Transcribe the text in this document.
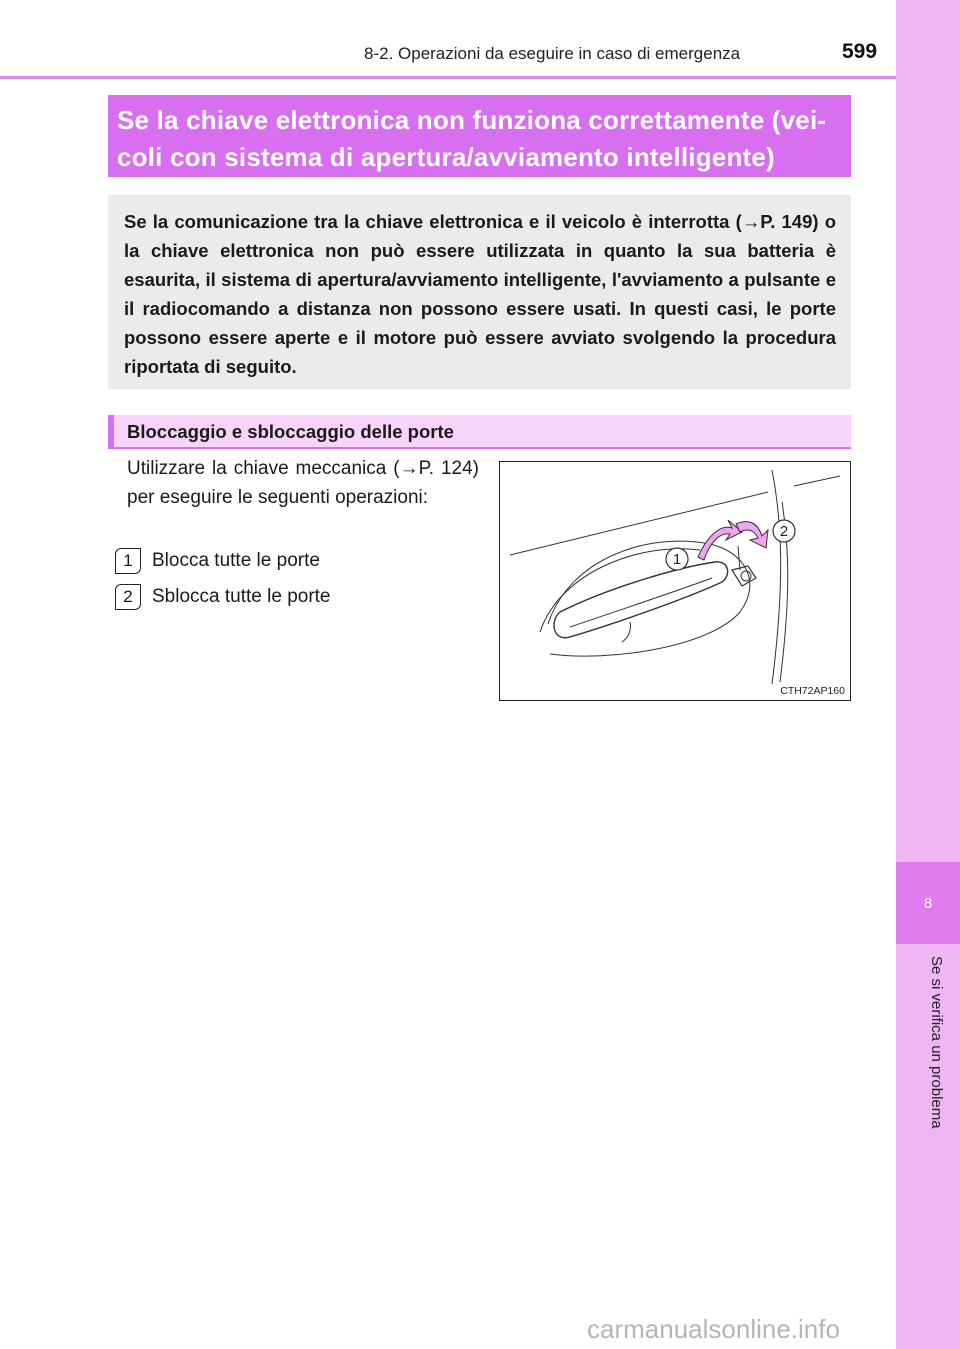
8-2. Operazioni da eseguire in caso di emergenza	599
8
Se si verifica un problema
Se la chiave elettronica non funziona correttamente (vei-
coli con sistema di apertura/avviamento intelligente)

Se la comunicazione tra la chiave elettronica e il veicolo è interrotta (→P. 149) o la chiave elettronica non può essere utilizzata in quanto la sua batteria è esaurita, il sistema di apertura/avviamento intelligente, l'avviamento a pulsante e il radiocomando a distanza non possono essere usati. In questi casi, le porte possono essere aperte e il motore può essere avviato svolgendo la procedura riportata di seguito.

Bloccaggio e sbloccaggio delle porte

Utilizzare la chiave meccanica (→P. 124) per eseguire le seguenti operazioni:

1	Blocca tutte le porte
2	Sblocca tutte le porte
1
2
CTH72AP160
carmanualsonline.info
